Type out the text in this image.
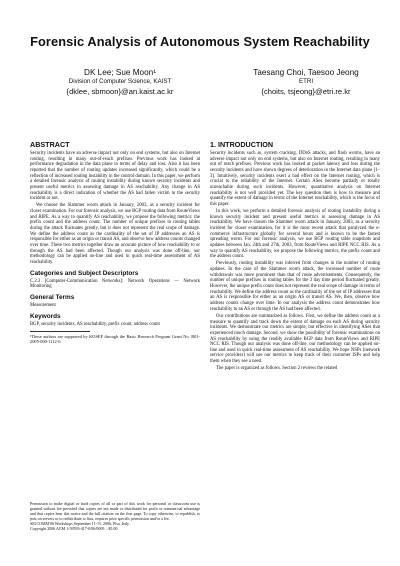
Forensic Analysis of Autonomous System Reachability
DK Lee; Sue Moon¹
Division of Computer Science, KAIST
{dklee, sbmoon}@an.kaist.ac.kr
Taesang Choi, Taesoo Jeong
ETRI
{choits, tsjeong}@etri.re.kr
ABSTRACT

Security incidents have an adverse impact not only on end systems, but also on Internet routing, resulting in many out-of-reach prefixes. Previous work has looked at performance degradation in the data plane in terms of delay and loss. Also it has been reported that the number of routing updates increased significantly, which could be a reflection of increased routing instability in the control domain. In this paper, we perform a detailed forensic analysis of routing instability during known security incidents and present useful metrics in assessing damage in AS reachability. Any change in AS reachability is a direct indication of whether the AS had fallen victim to the security incident or not.

We choose the Slammer worm attack in January, 2003, as a security incident for closer examination. For our forensic analysis, we use BGP routing data from RouteViews and RIPE. As a way to quantify AS reachability, we propose the following metrics: the prefix count and the address count. The number of unique prefixes in routing tables during the attack fluctuates greatly, but it does not represent the real scope of damage. We define the address count as the cardinality of the set of IP addresses an AS is responsible for either as an origin or transit AS, and observe how address counts changed over time. These two metrics together draw an accurate picture of how reachability to or through the AS had been affected. Though our analysis was done off-line, our methodology can be applied on-line and used in quick real-time assessment of AS reachability.

Categories and Subject Descriptors

C.2.3 [Computer-Communication Networks]: Network Operations — Network Monitoring

General Terms

Measurement

Keywords

BGP, security incidents, AS reachability, prefix count, address count

¹These authors are supported by KOSEF through the Basic Research Program Grant No. R01-2005-000-1112-0.

Permission to make digital or hard copies of all or part of this work for personal or classroom use is granted without fee provided that copies are not made or distributed for profit or commercial advantage and that copies bear this notice and the full citation on the first page. To copy otherwise, to republish, to post on servers or to redistribute to lists, requires prior specific permission and/or a fee.

SIGCOMM'06 Workshops September 11-15, 2006, Pisa, Italy.

Copyright 2006 ACM 1-59593-417-0/06/0009 ...$5.00.

1. INTRODUCTION

Security incidents such as, system cracking, DDoS attacks, and flash worms, have an adverse impact not only on end systems, but also on Internet routing, resulting in many out of reach prefixes. Previous work has looked at packet latency and loss during the security incidents and have shown degrees of deterioration in the Internet data plane [1–3]. Intuitively, security incidents exert a bad effect on the Internet routing, which is crucial to the reliability of the Internet. Certain ASes become partially or totally unreachable during such incidents. However, quantitative analysis on Internet reachability is not well provided yet. The key question then is how to measure and quantify the extent of damage in terms of the Internet reachability, which is the focus of this paper.

In this work, we perform a detailed forensic analysis of routing instability during a known security incident and present useful metrics in assessing damage in AS reachability. We have chosen the Slammer worm attack in January, 2003, as a security incident for closer examination, for it is the most recent attack that paralyzed the e-commerce infrastructure globally for several hours and is known to be the fastest spreading worm. For our forensic analysis, we use BGP routing table snapshots and updates between Jan. 24th and 27th, 2003, from RouteViews and RIPE NCC RIS. As a way to quantify AS reachability, we propose the following metrics, the prefix count and the address count.

Previously, routing instability was inferred from changes in the number of routing updates. In the case of the Slammer worm attack, the increased number of route withdrawals was more prominent than that of route advertisements. Consequently, the number of unique prefixes in routing tables for the 3 day time period fluctuated greatly. However, the unique prefix count does not represent the real scope of damage in terms of reachability. We define the address count as the cardinality of the set of IP addresses that an AS is responsible for either as an origin AS or transit AS. We, then, observe how address counts change over time. In our analysis the address count demonstrates how reachability to an AS or through the AS had been affected.

Our contributions are summarized as follows. First, we define the address count as a measure to quantify and track down the extent of damage on each AS during security incidents. We demonstrate our metrics are simple, but effective in identifying ASes that experienced much damage. Second, we show the possibility of forensic examinations on AS reachability by using the readily available BGP data from RouteViews and RIPE NCC RIS. Though our analysis was done off-line, our methodology can be applied on-line and used in quick real-time assessment of AS reachability. We hope NSPs (network service providers) will use our metrics to keep track of their customer ISPs and help them when they see a need.

The paper is organized as follows. Section 2 reviews the related
